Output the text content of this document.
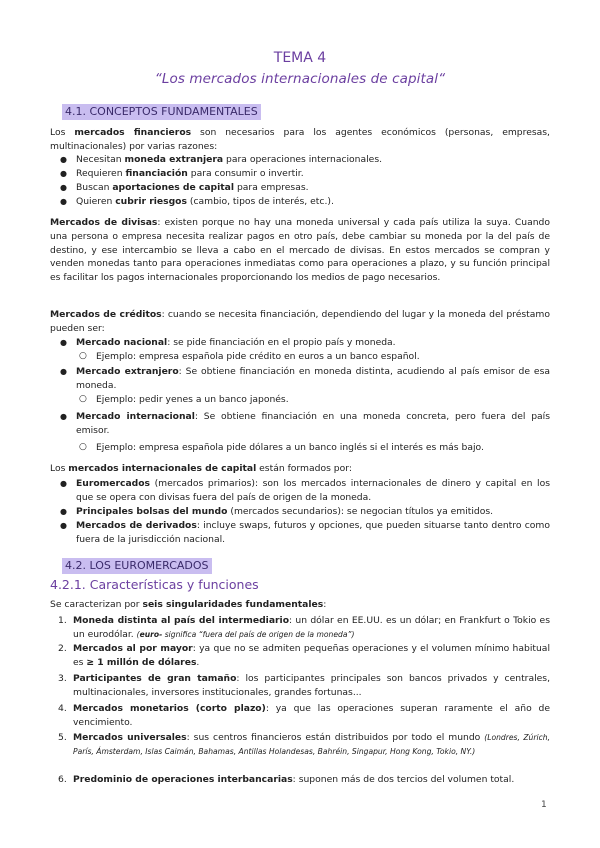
TEMA 4
“Los mercados internacionales de capital“
4.1. CONCEPTOS FUNDAMENTALES
Los mercados financieros son necesarios para los agentes económicos (personas, empresas, multinacionales) por varias razones:
● Necesitan moneda extranjera para operaciones internacionales.
● Requieren financiación para consumir o invertir.
● Buscan aportaciones de capital para empresas.
● Quieren cubrir riesgos (cambio, tipos de interés, etc.).
Mercados de divisas: existen porque no hay una moneda universal y cada país utiliza la suya. Cuando una persona o empresa necesita realizar pagos en otro país, debe cambiar su moneda por la del país de destino, y ese intercambio se lleva a cabo en el mercado de divisas. En estos mercados se compran y venden monedas tanto para operaciones inmediatas como para operaciones a plazo, y su función principal es facilitar los pagos internacionales proporcionando los medios de pago necesarios.
Mercados de créditos: cuando se necesita financiación, dependiendo del lugar y la moneda del préstamo pueden ser:
● Mercado nacional: se pide financiación en el propio país y moneda.
○ Ejemplo: empresa española pide crédito en euros a un banco español.
● Mercado extranjero: Se obtiene financiación en moneda distinta, acudiendo al país emisor de esa moneda.
○ Ejemplo: pedir yenes a un banco japonés.
● Mercado internacional: Se obtiene financiación en una moneda concreta, pero fuera del país emisor.
○ Ejemplo: empresa española pide dólares a un banco inglés si el interés es más bajo.
Los mercados internacionales de capital están formados por:
● Euromercados (mercados primarios): son los mercados internacionales de dinero y capital en los que se opera con divisas fuera del país de origen de la moneda.
● Principales bolsas del mundo (mercados secundarios): se negocian títulos ya emitidos.
● Mercados de derivados: incluye swaps, futuros y opciones, que pueden situarse tanto dentro como fuera de la jurisdicción nacional.
4.2. LOS EUROMERCADOS
4.2.1. Características y funciones
Se caracterizan por seis singularidades fundamentales:
1. Moneda distinta al país del intermediario: un dólar en EE.UU. es un dólar; en Frankfurt o Tokio es un eurodólar. (euro- significa “fuera del país de origen de la moneda”)
2. Mercados al por mayor: ya que no se admiten pequeñas operaciones y el volumen mínimo habitual es ≥ 1 millón de dólares.
3. Participantes de gran tamaño: los participantes principales son bancos privados y centrales, multinacionales, inversores institucionales, grandes fortunas...
4. Mercados monetarios (corto plazo): ya que las operaciones superan raramente el año de vencimiento.
5. Mercados universales: sus centros financieros están distribuidos por todo el mundo (Londres, Zúrich, París, Ámsterdam, Islas Caimán, Bahamas, Antillas Holandesas, Bahréin, Singapur, Hong Kong, Tokio, NY.)
6. Predominio de operaciones interbancarias: suponen más de dos tercios del volumen total.
1
